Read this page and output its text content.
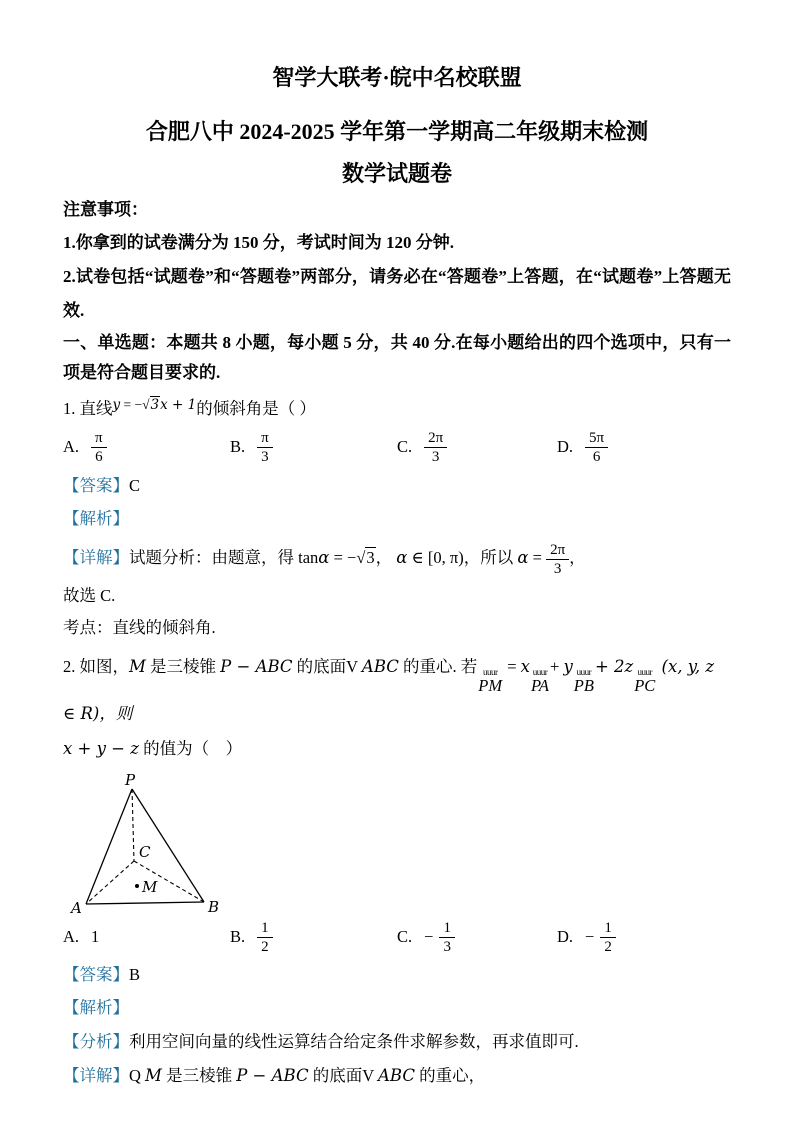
智学大联考·皖中名校联盟

合肥八中 2024-2025 学年第一学期高二年级期末检测

数学试题卷

注意事项：

1.你拿到的试卷满分为 150 分，考试时间为 120 分钟.

2.试卷包括“试题卷”和“答题卷”两部分，请务必在“答题卷”上答题，在“试题卷”上答题无效.

一、单选题：本题共 8 小题，每小题 5 分，共 40 分.在每小题给出的四个选项中，只有一项是符合题目要求的.

1. 直线$^{y = -√3x + 1}$的倾斜角是（ ）

A. $\frac{\pi}{6}$	B. $\frac{\pi}{3}$	C. $\frac{2\pi}{3}$	D. $\frac{5\pi}{6}$

【答案】C

【解析】

【详解】试题分析：由题意，得 tanα = −√3， α ∈ [0, π)，所以 $\alpha = \frac{2\pi}{3}$ ，

故选 C.

考点：直线的倾斜角.

2. 如图，M 是三棱锥 P − ABC 的底面V ABC 的重心. 若 uuur
PM
= x uuur
PA
+ y uuur
PB
+ 2z uuur
PC
(x, y, z ∈ R)，则

x + y − z 的值为（　）

P
A	B
C
M
A. 1	B. $\frac{1}{2}$	C. − $\frac{1}{3}$	D. − $\frac{1}{2}$

【答案】B

【解析】

【分析】利用空间向量的线性运算结合给定条件求解参数，再求值即可.

【详解】Q M 是三棱锥 P − ABC 的底面V ABC 的重心，
